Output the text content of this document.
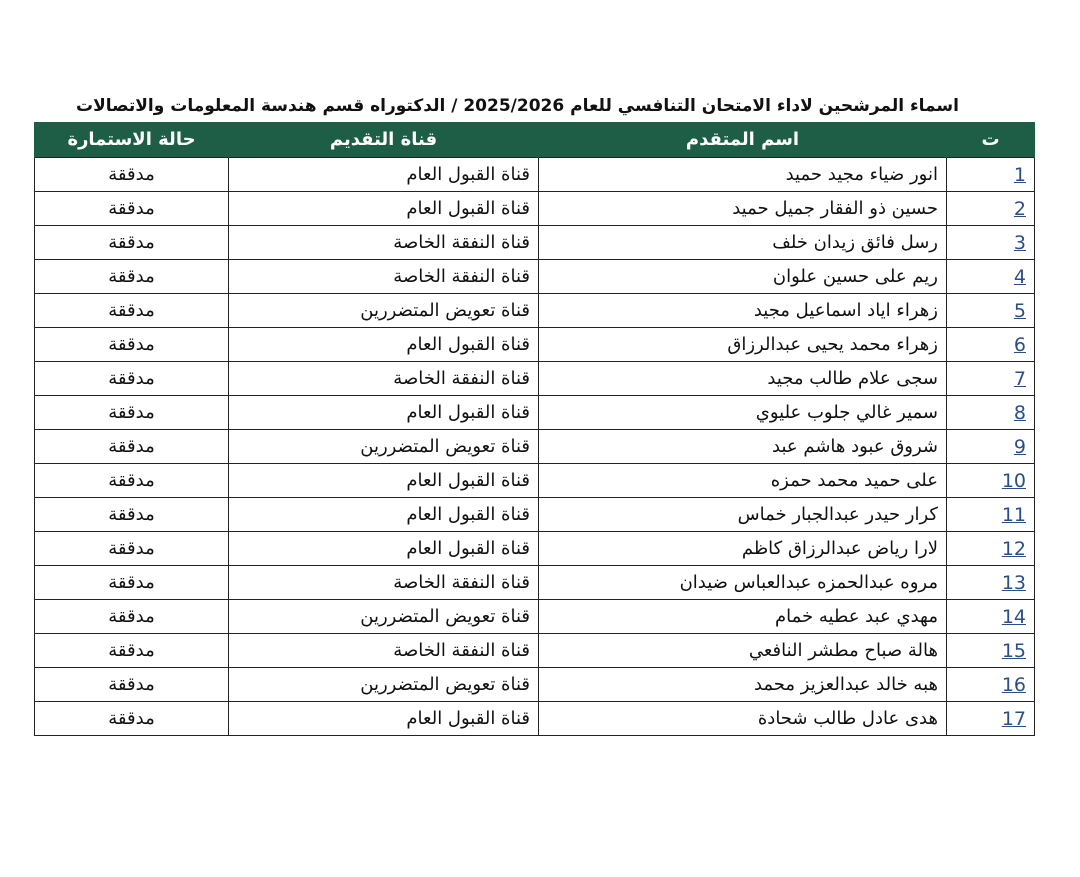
اسماء المرشحين لاداء الامتحان التنافسي للعام 2025/2026 / الدكتوراه قسم هندسة المعلومات والاتصالات
ت	اسم المتقدم	قناة التقديم	حالة الاستمارة
1	انور ضياء مجيد حميد	قناة القبول العام	مدققة
2	حسين ذو الفقار جميل حميد	قناة القبول العام	مدققة
3	رسل فائق زيدان خلف	قناة النفقة الخاصة	مدققة
4	ريم على حسين علوان	قناة النفقة الخاصة	مدققة
5	زهراء اياد اسماعيل مجيد	قناة تعويض المتضررين	مدققة
6	زهراء محمد يحيى عبدالرزاق	قناة القبول العام	مدققة
7	سجى علام طالب مجيد	قناة النفقة الخاصة	مدققة
8	سمير غالي جلوب عليوي	قناة القبول العام	مدققة
9	شروق عبود هاشم عبد	قناة تعويض المتضررين	مدققة
10	على حميد محمد حمزه	قناة القبول العام	مدققة
11	كرار حيدر عبدالجبار خماس	قناة القبول العام	مدققة
12	لارا رياض عبدالرزاق كاظم	قناة القبول العام	مدققة
13	مروه عبدالحمزه عبدالعباس ضيدان	قناة النفقة الخاصة	مدققة
14	مهدي عبد عطيه خمام	قناة تعويض المتضررين	مدققة
15	هالة صباح مطشر النافعي	قناة النفقة الخاصة	مدققة
16	هبه خالد عبدالعزيز محمد	قناة تعويض المتضررين	مدققة
17	هدى عادل طالب شحادة	قناة القبول العام	مدققة
